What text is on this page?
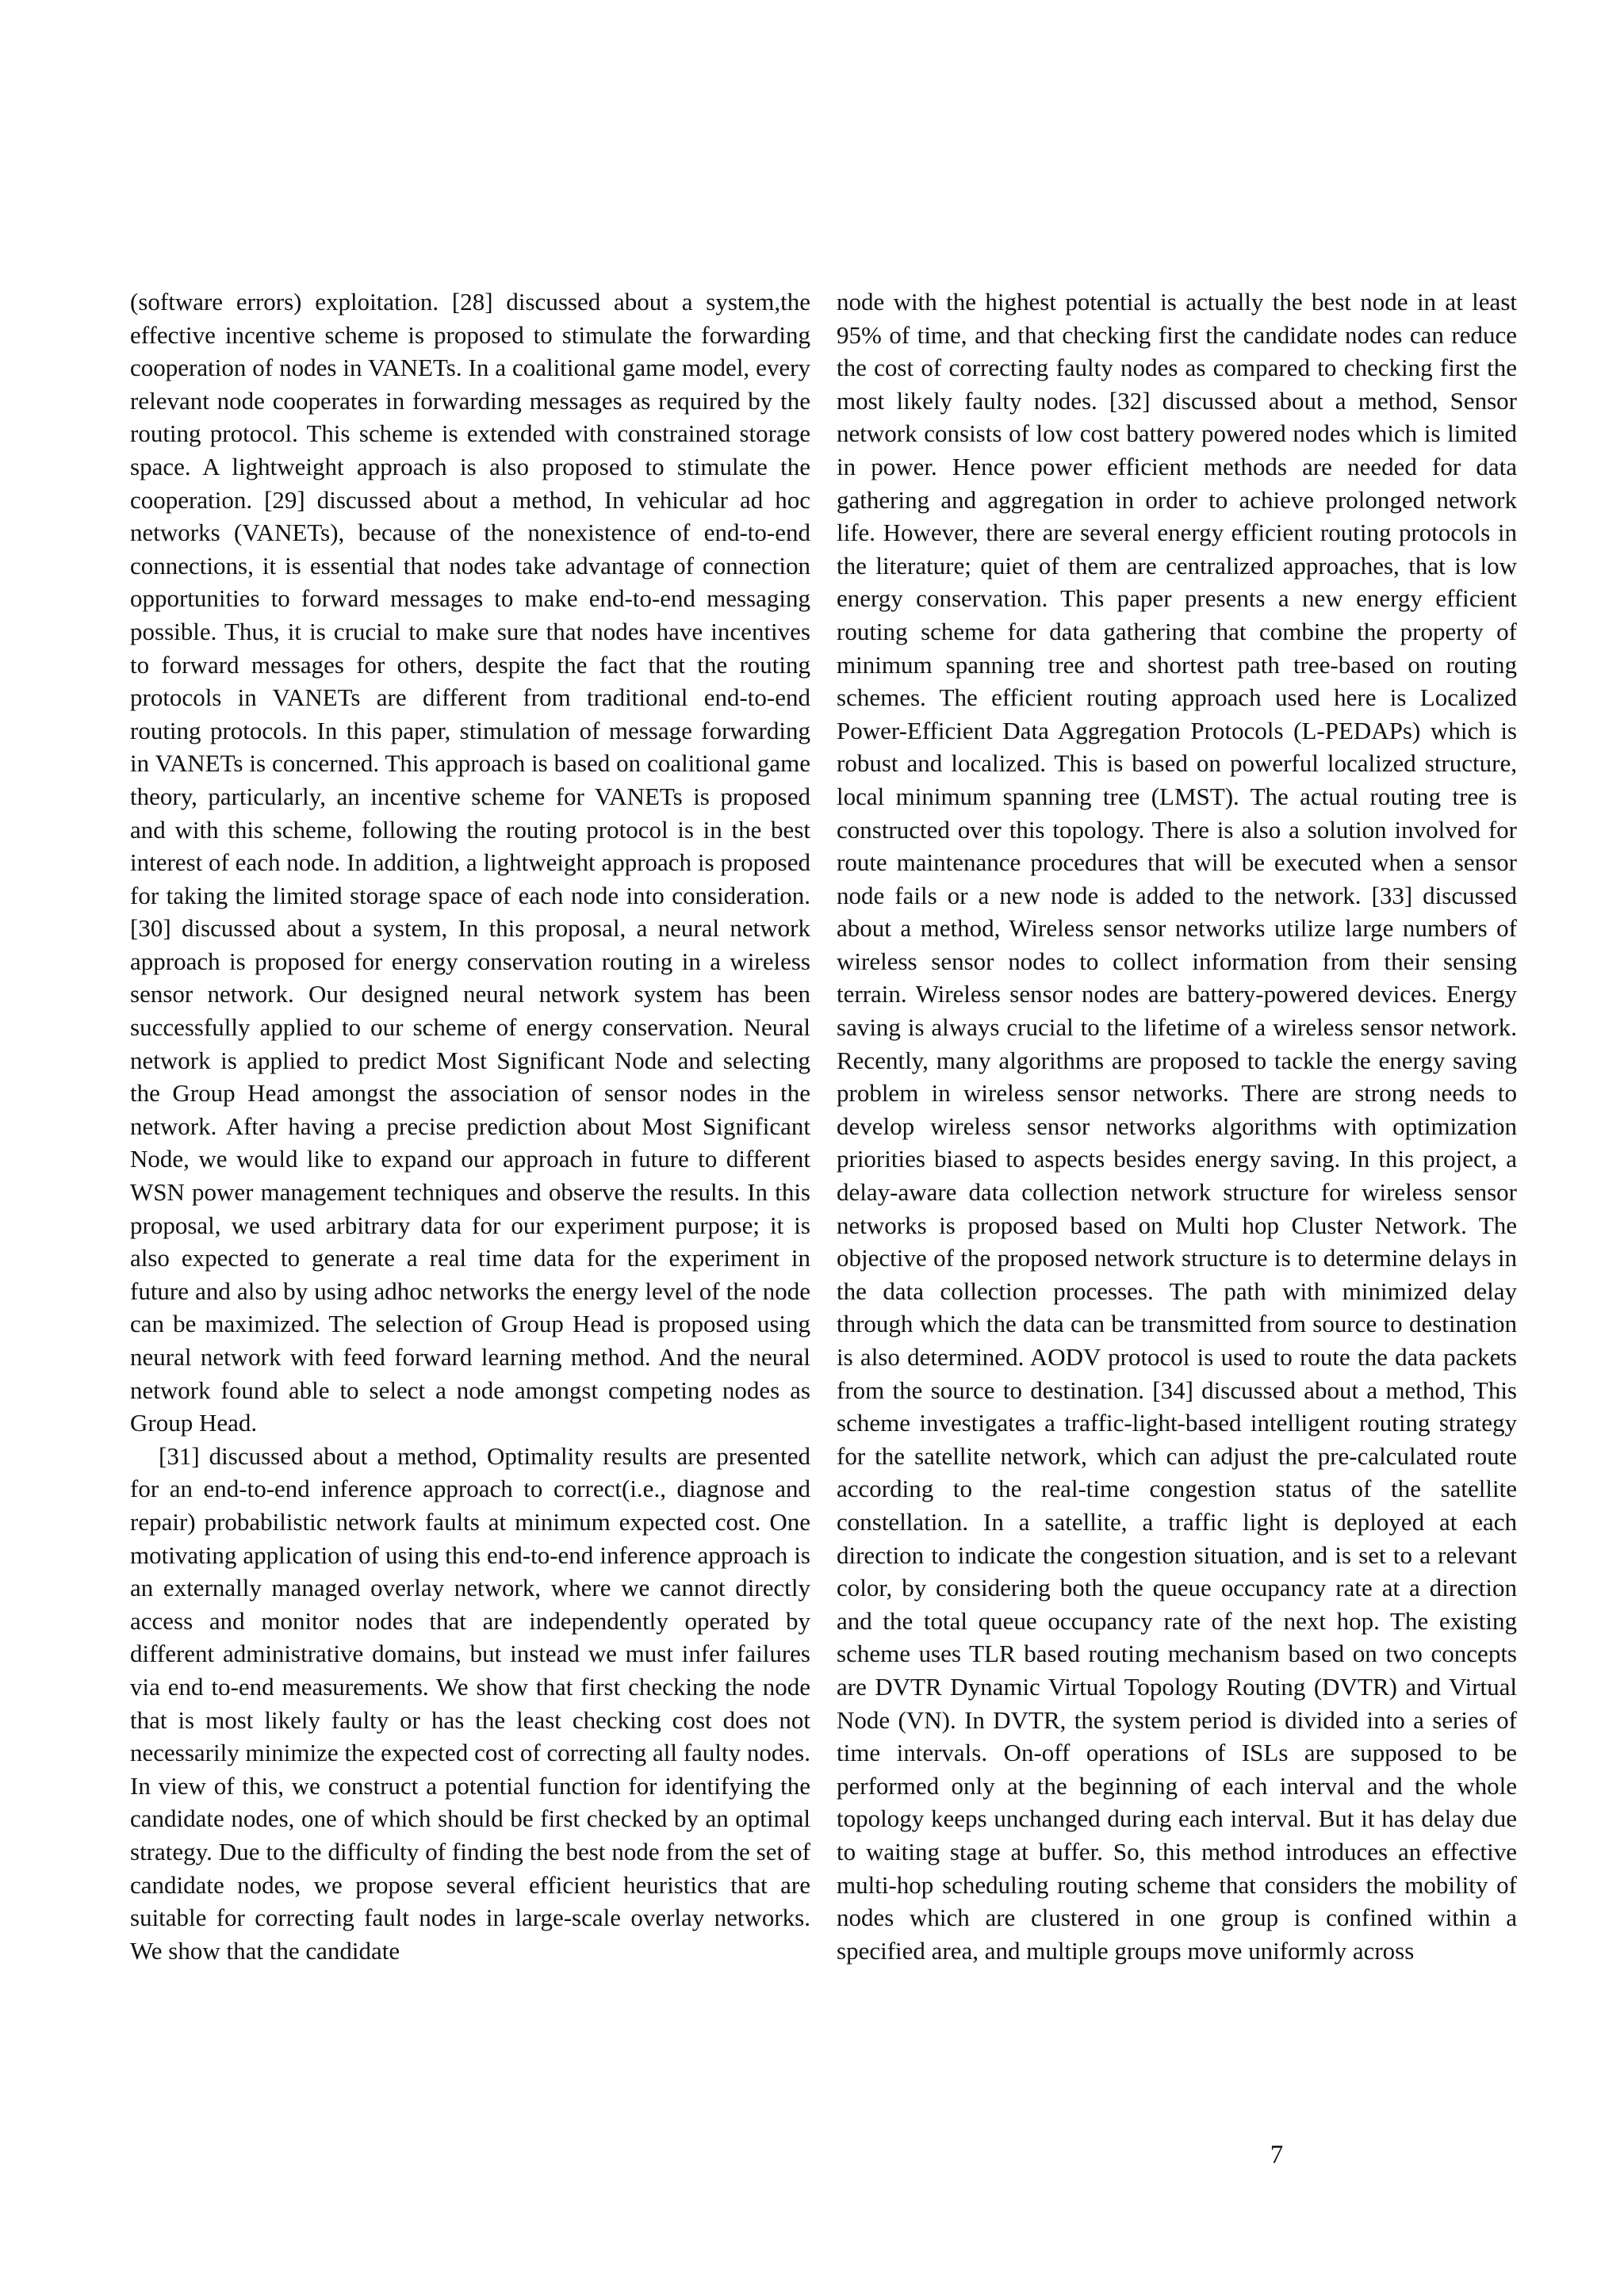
(software errors) exploitation. [28] discussed about a system,the effective incentive scheme is proposed to stimulate the forwarding cooperation of nodes in VANETs. In a coalitional game model, every relevant node cooperates in forwarding messages as required by the routing protocol. This scheme is extended with constrained storage space. A lightweight approach is also proposed to stimulate the cooperation. [29] discussed about a method, In vehicular ad hoc networks (VANETs), because of the nonexistence of end-to-end connections, it is essential that nodes take advantage of connection opportunities to forward messages to make end-to-end messaging possible. Thus, it is crucial to make sure that nodes have incentives to forward messages for others, despite the fact that the routing protocols in VANETs are different from traditional end-to-end routing protocols. In this paper, stimulation of message forwarding in VANETs is concerned. This approach is based on coalitional game theory, particularly, an incentive scheme for VANETs is proposed and with this scheme, following the routing protocol is in the best interest of each node. In addition, a lightweight approach is proposed for taking the limited storage space of each node into consideration. [30] discussed about a system, In this proposal, a neural network approach is proposed for energy conservation routing in a wireless sensor network. Our designed neural network system has been successfully applied to our scheme of energy conservation. Neural network is applied to predict Most Significant Node and selecting the Group Head amongst the association of sensor nodes in the network. After having a precise prediction about Most Significant Node, we would like to expand our approach in future to different WSN power management techniques and observe the results. In this proposal, we used arbitrary data for our experiment purpose; it is also expected to generate a real time data for the experiment in future and also by using adhoc networks the energy level of the node can be maximized. The selection of Group Head is proposed using neural network with feed forward learning method. And the neural network found able to select a node amongst competing nodes as Group Head.

[31] discussed about a method, Optimality results are presented for an end-to-end inference approach to correct(i.e., diagnose and repair) probabilistic network faults at minimum expected cost. One motivating application of using this end-to-end inference approach is an externally managed overlay network, where we cannot directly access and monitor nodes that are independently operated by different administrative domains, but instead we must infer failures via end to-end measurements. We show that first checking the node that is most likely faulty or has the least checking cost does not necessarily minimize the expected cost of correcting all faulty nodes. In view of this, we construct a potential function for identifying the candidate nodes, one of which should be first checked by an optimal strategy. Due to the difficulty of finding the best node from the set of candidate nodes, we propose several efficient heuristics that are suitable for correcting fault nodes in large-scale overlay networks. We show that the candidate

node with the highest potential is actually the best node in at least 95% of time, and that checking first the candidate nodes can reduce the cost of correcting faulty nodes as compared to checking first the most likely faulty nodes. [32] discussed about a method, Sensor network consists of low cost battery powered nodes which is limited in power. Hence power efficient methods are needed for data gathering and aggregation in order to achieve prolonged network life. However, there are several energy efficient routing protocols in the literature; quiet of them are centralized approaches, that is low energy conservation. This paper presents a new energy efficient routing scheme for data gathering that combine the property of minimum spanning tree and shortest path tree-based on routing schemes. The efficient routing approach used here is Localized Power-Efficient Data Aggregation Protocols (L-PEDAPs) which is robust and localized. This is based on powerful localized structure, local minimum spanning tree (LMST). The actual routing tree is constructed over this topology. There is also a solution involved for route maintenance procedures that will be executed when a sensor node fails or a new node is added to the network. [33] discussed about a method, Wireless sensor networks utilize large numbers of wireless sensor nodes to collect information from their sensing terrain. Wireless sensor nodes are battery-powered devices. Energy saving is always crucial to the lifetime of a wireless sensor network. Recently, many algorithms are proposed to tackle the energy saving problem in wireless sensor networks. There are strong needs to develop wireless sensor networks algorithms with optimization priorities biased to aspects besides energy saving. In this project, a delay-aware data collection network structure for wireless sensor networks is proposed based on Multi hop Cluster Network. The objective of the proposed network structure is to determine delays in the data collection processes. The path with minimized delay through which the data can be transmitted from source to destination is also determined. AODV protocol is used to route the data packets from the source to destination. [34] discussed about a method, This scheme investigates a traffic-light-based intelligent routing strategy for the satellite network, which can adjust the pre-calculated route according to the real-time congestion status of the satellite constellation. In a satellite, a traffic light is deployed at each direction to indicate the congestion situation, and is set to a relevant color, by considering both the queue occupancy rate at a direction and the total queue occupancy rate of the next hop. The existing scheme uses TLR based routing mechanism based on two concepts are DVTR Dynamic Virtual Topology Routing (DVTR) and Virtual Node (VN). In DVTR, the system period is divided into a series of time intervals. On-off operations of ISLs are supposed to be performed only at the beginning of each interval and the whole topology keeps unchanged during each interval. But it has delay due to waiting stage at buffer. So, this method introduces an effective multi-hop scheduling routing scheme that considers the mobility of nodes which are clustered in one group is confined within a specified area, and multiple groups move uniformly across

7
